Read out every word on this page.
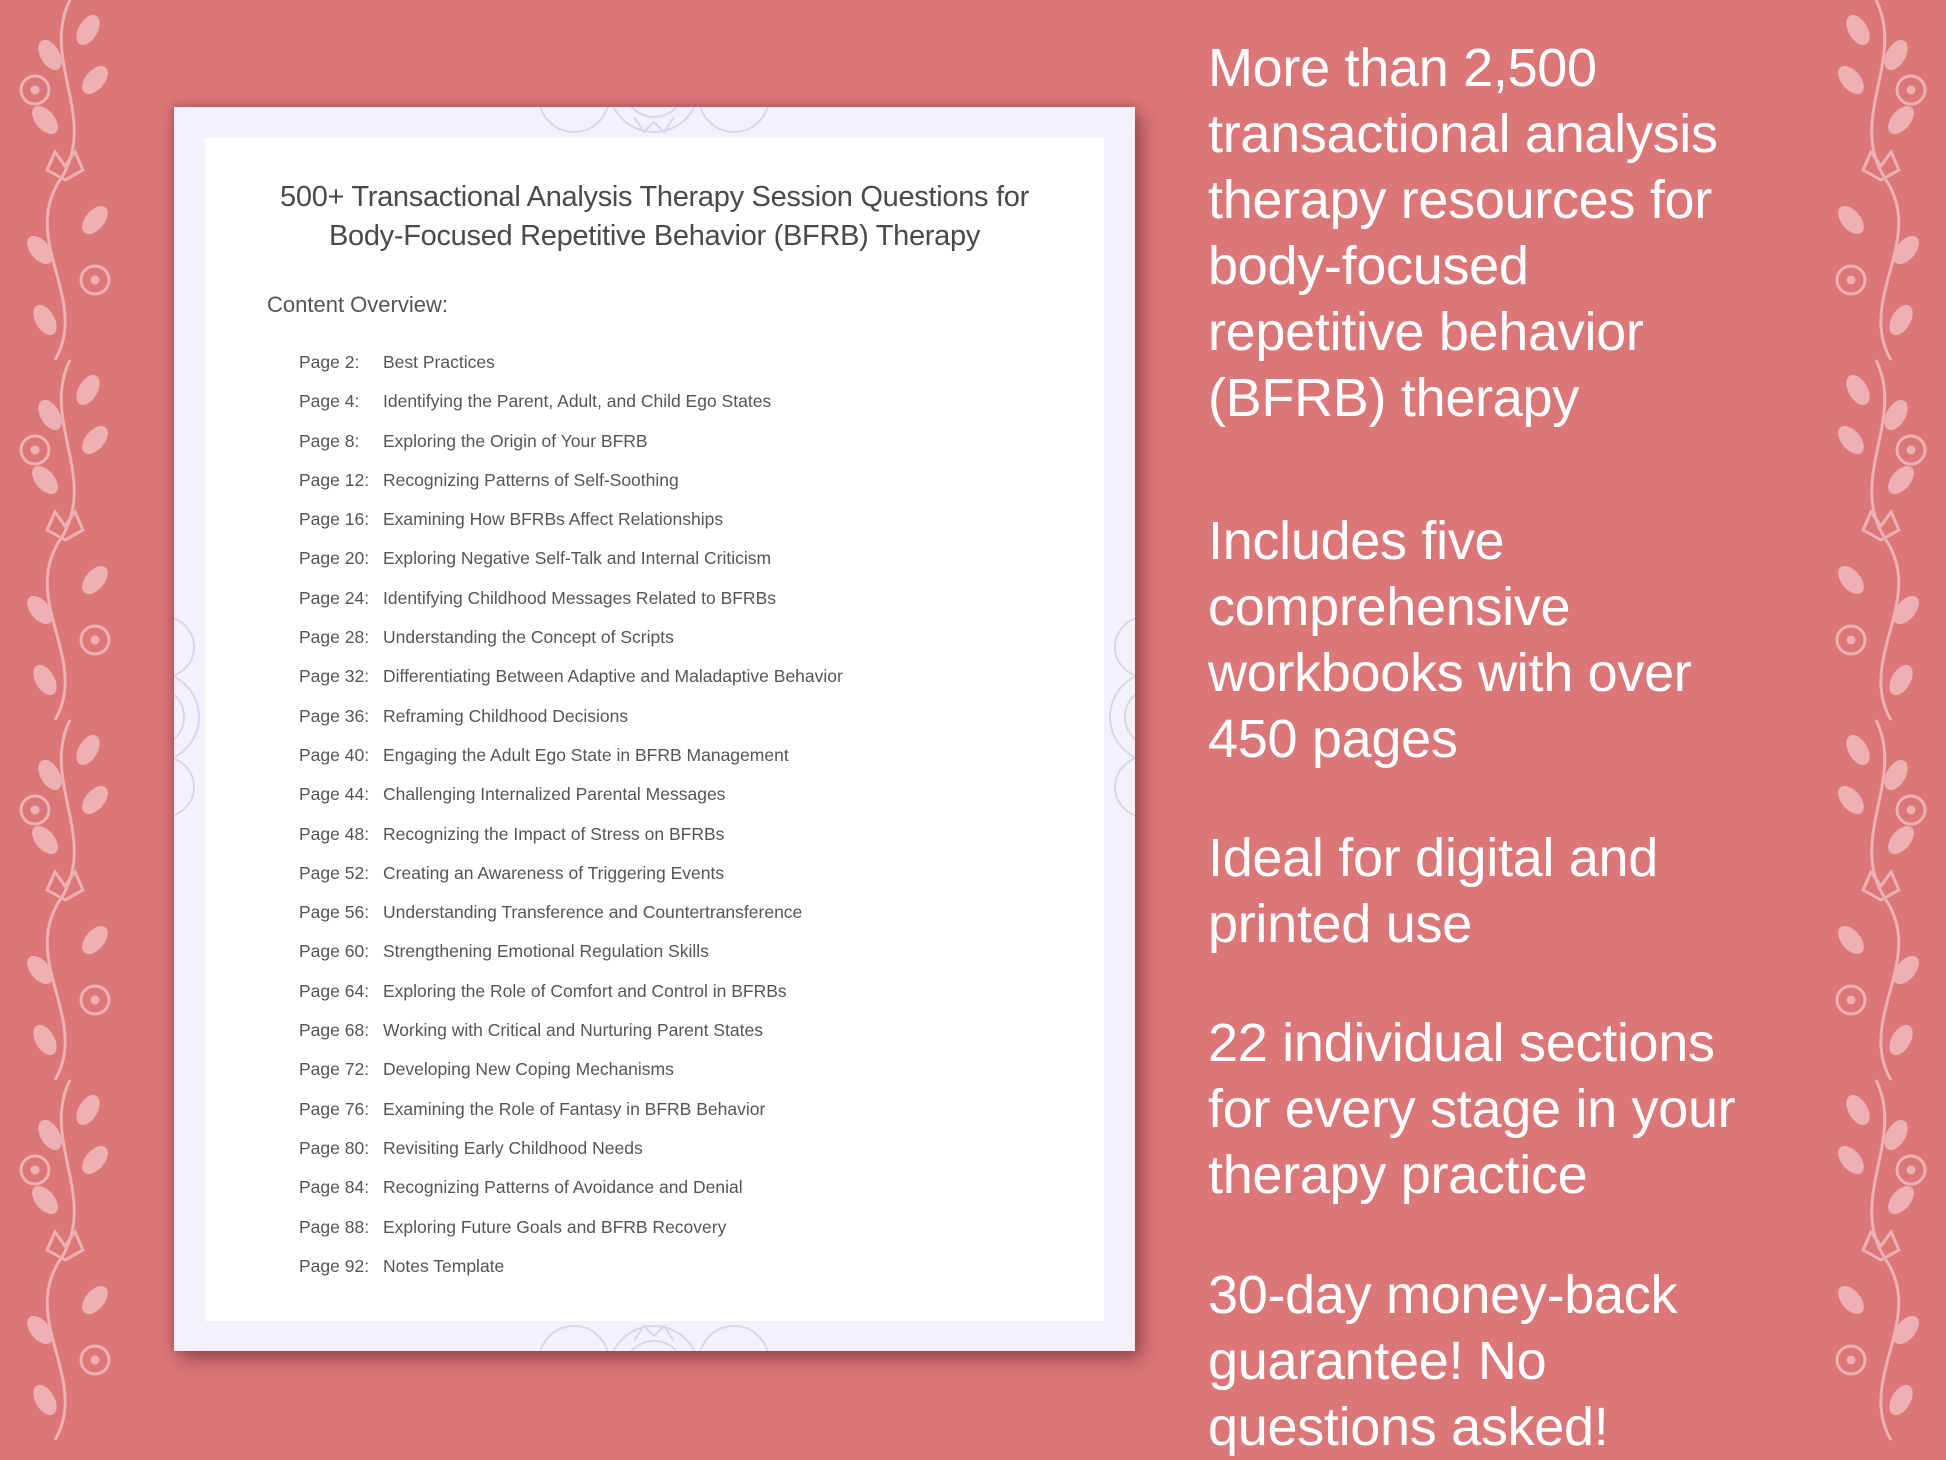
500+ Transactional Analysis Therapy Session Questions for
Body-Focused Repetitive Behavior (BFRB) Therapy
Content Overview:
Page 2: Best Practices
Page 4: Identifying the Parent, Adult, and Child Ego States
Page 8: Exploring the Origin of Your BFRB
Page 12: Recognizing Patterns of Self-Soothing
Page 16: Examining How BFRBs Affect Relationships
Page 20: Exploring Negative Self-Talk and Internal Criticism
Page 24: Identifying Childhood Messages Related to BFRBs
Page 28: Understanding the Concept of Scripts
Page 32: Differentiating Between Adaptive and Maladaptive Behavior
Page 36: Reframing Childhood Decisions
Page 40: Engaging the Adult Ego State in BFRB Management
Page 44: Challenging Internalized Parental Messages
Page 48: Recognizing the Impact of Stress on BFRBs
Page 52: Creating an Awareness of Triggering Events
Page 56: Understanding Transference and Countertransference
Page 60: Strengthening Emotional Regulation Skills
Page 64: Exploring the Role of Comfort and Control in BFRBs
Page 68: Working with Critical and Nurturing Parent States
Page 72: Developing New Coping Mechanisms
Page 76: Examining the Role of Fantasy in BFRB Behavior
Page 80: Revisiting Early Childhood Needs
Page 84: Recognizing Patterns of Avoidance and Denial
Page 88: Exploring Future Goals and BFRB Recovery
Page 92: Notes Template
More than 2,500
transactional analysis
therapy resources for
body-focused
repetitive behavior
(BFRB) therapy
Includes five
comprehensive
workbooks with over
450 pages
Ideal for digital and
printed use
22 individual sections
for every stage in your
therapy practice
30-day money-back
guarantee! No
questions asked!
